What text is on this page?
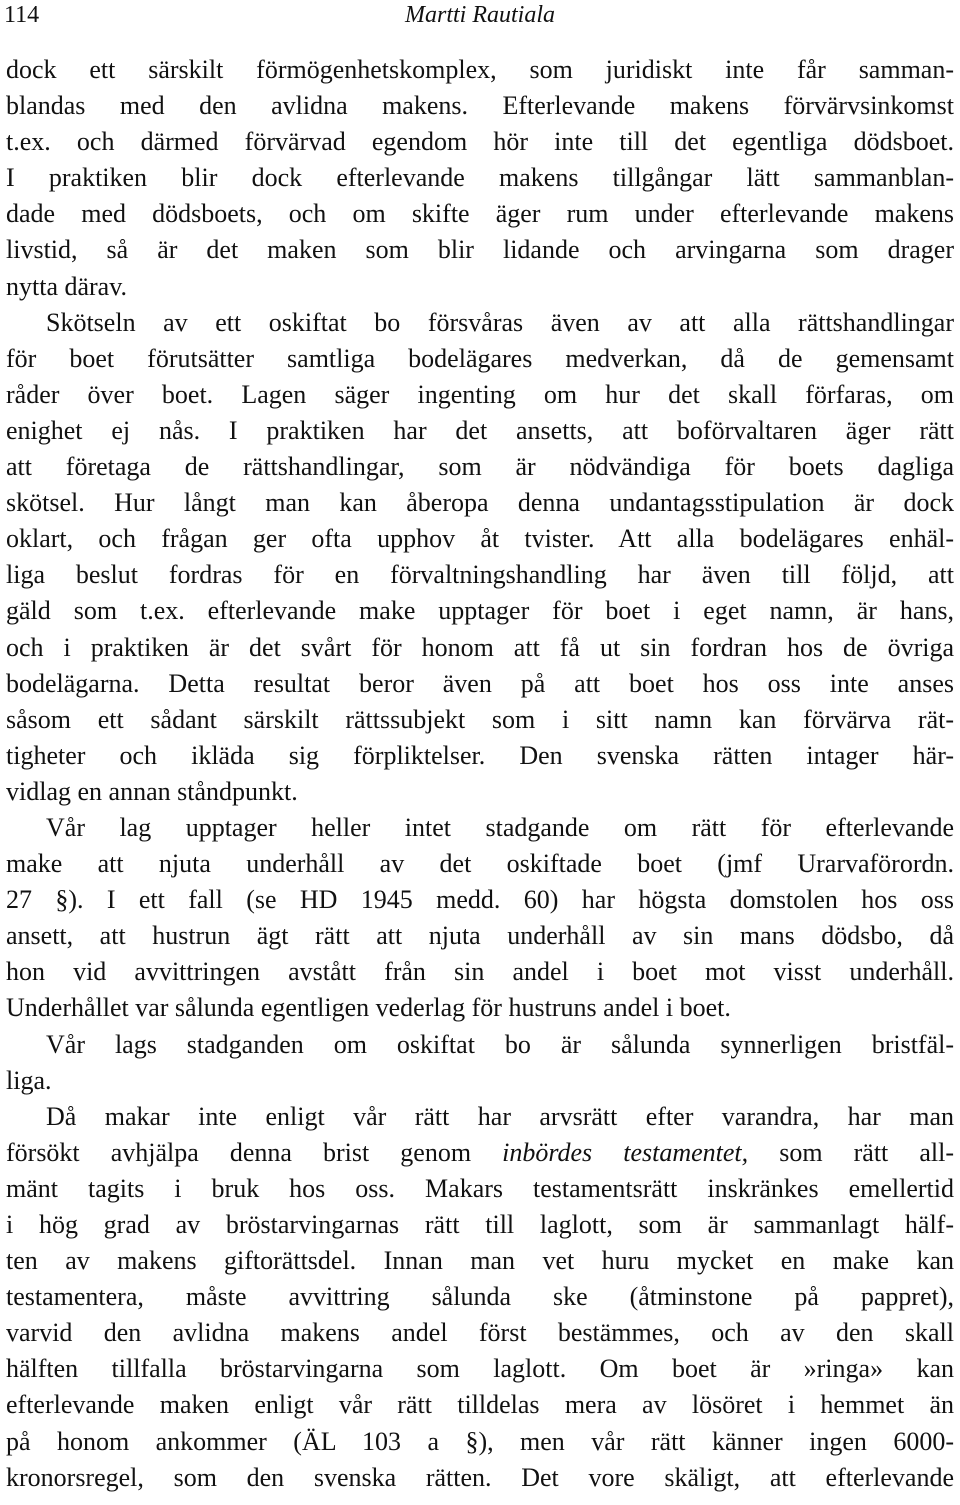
114	Martti Rautiala
dock ett särskilt förmögenhetskomplex, som juridiskt inte får samman-
blandas med den avlidna makens. Efterlevande makens förvärvsinkomst
t.ex. och därmed förvärvad egendom hör inte till det egentliga dödsboet.
I praktiken blir dock efterlevande makens tillgångar lätt sammanblan-
dade med dödsboets, och om skifte äger rum under efterlevande makens
livstid, så är det maken som blir lidande och arvingarna som drager
nytta därav.
Skötseln av ett oskiftat bo försvåras även av att alla rättshandlingar
för boet förutsätter samtliga bodelägares medverkan, då de gemensamt
råder över boet. Lagen säger ingenting om hur det skall förfaras, om
enighet ej nås. I praktiken har det ansetts, att boförvaltaren äger rätt
att företaga de rättshandlingar, som är nödvändiga för boets dagliga
skötsel. Hur långt man kan åberopa denna undantagsstipulation är dock
oklart, och frågan ger ofta upphov åt tvister. Att alla bodelägares enhäl-
liga beslut fordras för en förvaltningshandling har även till följd, att
gäld som t.ex. efterlevande make upptager för boet i eget namn, är hans,
och i praktiken är det svårt för honom att få ut sin fordran hos de övriga
bodelägarna. Detta resultat beror även på att boet hos oss inte anses
såsom ett sådant särskilt rättssubjekt som i sitt namn kan förvärva rät-
tigheter och ikläda sig förpliktelser. Den svenska rätten intager här-
vidlag en annan ståndpunkt.
Vår lag upptager heller intet stadgande om rätt för efterlevande
make att njuta underhåll av det oskiftade boet (jmf Urarvaförordn.
27 §). I ett fall (se HD 1945 medd. 60) har högsta domstolen hos oss
ansett, att hustrun ägt rätt att njuta underhåll av sin mans dödsbo, då
hon vid avvittringen avstått från sin andel i boet mot visst underhåll.
Underhållet var sålunda egentligen vederlag för hustruns andel i boet.
Vår lags stadganden om oskiftat bo är sålunda synnerligen bristfäl-
liga.
Då makar inte enligt vår rätt har arvsrätt efter varandra, har man
försökt avhjälpa denna brist genom inbördes testamentet, som rätt all-
mänt tagits i bruk hos oss. Makars testamentsrätt inskränkes emellertid
i hög grad av bröstarvingarnas rätt till laglott, som är sammanlagt hälf-
ten av makens giftorättsdel. Innan man vet huru mycket en make kan
testamentera, måste avvittring sålunda ske (åtminstone på pappret),
varvid den avlidna makens andel först bestämmes, och av den skall
hälften tillfalla bröstarvingarna som laglott. Om boet är »ringa» kan
efterlevande maken enligt vår rätt tilldelas mera av lösöret i hemmet än
på honom ankommer (ÄL 103 a §), men vår rätt känner ingen 6000-
kronorsregel, som den svenska rätten. Det vore skäligt, att efterlevande
